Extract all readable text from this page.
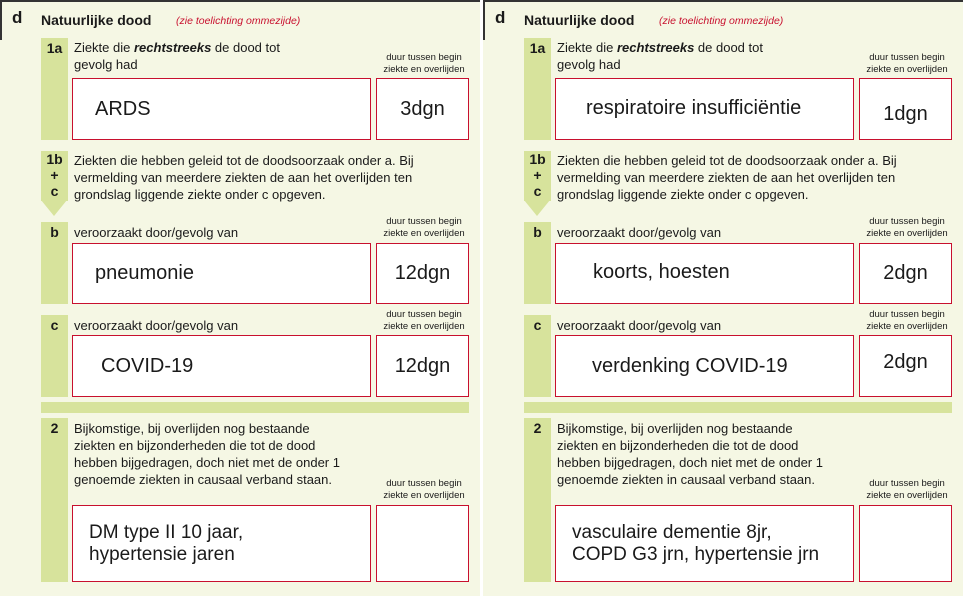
d Natuurlijke dood (zie toelichting ommezijde)
1a Ziekte die rechtstreeks de dood tot gevolg had	duur tussen begin ziekte en overlijden
ARDS	3dgn
1b
+
c
Ziekten die hebben geleid tot de doodsoorzaak onder a. Bij vermelding van meerdere ziekten de aan het overlijden ten grondslag liggende ziekte onder c opgeven.
b	veroorzaakt door/gevolg van
duur tussen begin ziekte en overlijden
pneumonie	12dgn
c	veroorzaakt door/gevolg van
duur tussen begin ziekte en overlijden
COVID-19	12dgn
2	Bijkomstige, bij overlijden nog bestaande ziekten en bijzonderheden die tot de dood hebben bijgedragen, doch niet met de onder 1 genoemde ziekten in causaal verband staan.	duur tussen begin ziekte en overlijden
DM type II 10 jaar,
hypertensie jaren
d Natuurlijke dood (zie toelichting ommezijde)
1a Ziekte die rechtstreeks de dood tot gevolg had	duur tussen begin ziekte en overlijden
respiratoire insufficiëntie	1dgn
1b
+
c
Ziekten die hebben geleid tot de doodsoorzaak onder a. Bij vermelding van meerdere ziekten de aan het overlijden ten grondslag liggende ziekte onder c opgeven.
b	veroorzaakt door/gevolg van
duur tussen begin ziekte en overlijden
koorts, hoesten	2dgn
c	veroorzaakt door/gevolg van
duur tussen begin ziekte en overlijden
verdenking COVID-19	2dgn
2	Bijkomstige, bij overlijden nog bestaande ziekten en bijzonderheden die tot de dood hebben bijgedragen, doch niet met de onder 1 genoemde ziekten in causaal verband staan.	duur tussen begin ziekte en overlijden
vasculaire dementie 8jr,
COPD G3 jrn, hypertensie jrn
